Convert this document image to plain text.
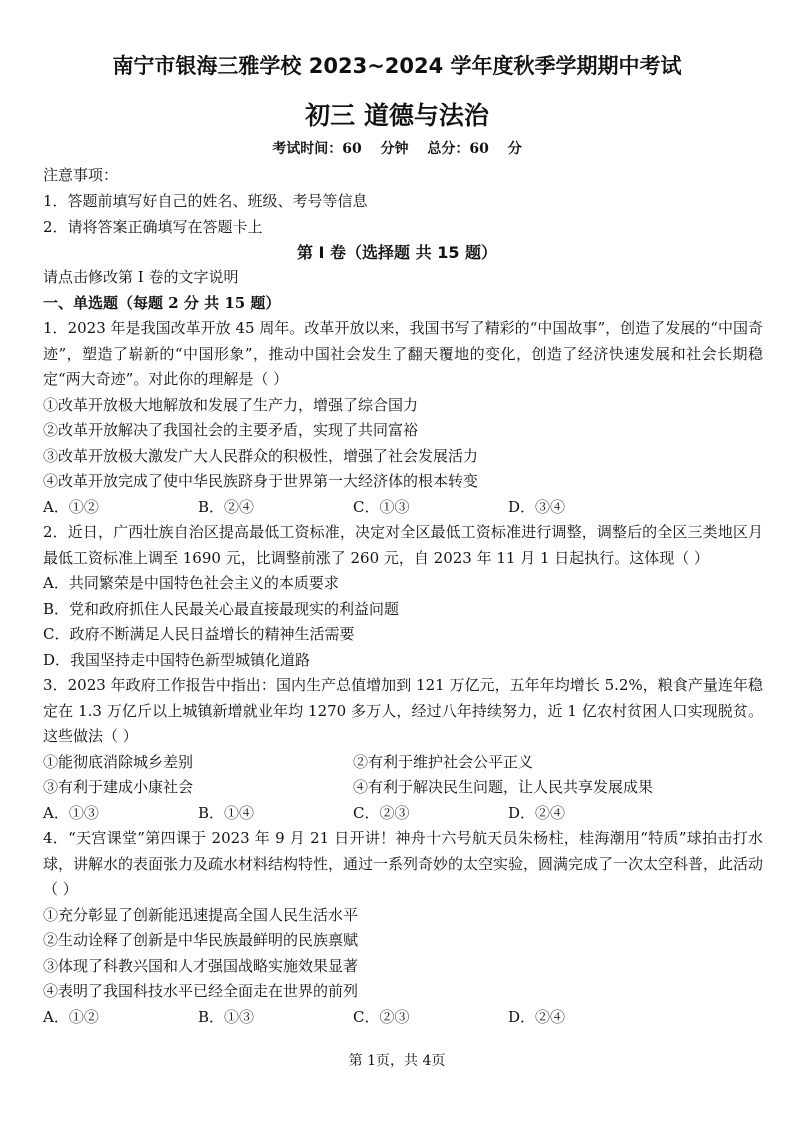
南宁市银海三雅学校 2023~2024 学年度秋季学期期中考试
初三 道德与法治
考试时间：60 分钟 总分：60 分
注意事项：
1．答题前填写好自己的姓名、班级、考号等信息
2．请将答案正确填写在答题卡上
第 I 卷（选择题 共 15 题）
请点击修改第 I 卷的文字说明
一、单选题（每题 2 分 共 15 题）
1．2023 年是我国改革开放 45 周年。改革开放以来，我国书写了精彩的“中国故事”，创造了发展的“中国奇迹”，塑造了崭新的“中国形象”，推动中国社会发生了翻天覆地的变化，创造了经济快速发展和社会长期稳定“两大奇迹”。对此你的理解是（ ）
①改革开放极大地解放和发展了生产力，增强了综合国力
②改革开放解决了我国社会的主要矛盾，实现了共同富裕
③改革开放极大激发广大人民群众的积极性，增强了社会发展活力
④改革开放完成了使中华民族跻身于世界第一大经济体的根本转变
A．①②	B．②④	C．①③	D．③④
2．近日，广西壮族自治区提高最低工资标准，决定对全区最低工资标准进行调整，调整后的全区三类地区月最低工资标准上调至 1690 元，比调整前涨了 260 元，自 2023 年 11 月 1 日起执行。这体现（ ）
A．共同繁荣是中国特色社会主义的本质要求
B．党和政府抓住人民最关心最直接最现实的利益问题
C．政府不断满足人民日益增长的精神生活需要
D．我国坚持走中国特色新型城镇化道路
3．2023 年政府工作报告中指出：国内生产总值增加到 121 万亿元，五年年均增长 5.2%，粮食产量连年稳定在 1.3 万亿斤以上城镇新增就业年均 1270 多万人，经过八年持续努力，近 1 亿农村贫困人口实现脱贫。这些做法（ ）
①能彻底消除城乡差别	②有利于维护社会公平正义
③有利于建成小康社会	④有利于解决民生问题，让人民共享发展成果
A．①③	B．①④	C．②③	D．②④
4．“天宫课堂”第四课于 2023 年 9 月 21 日开讲！神舟十六号航天员朱杨柱，桂海潮用“特质”球拍击打水球，讲解水的表面张力及疏水材料结构特性，通过一系列奇妙的太空实验，圆满完成了一次太空科普，此活动（ ）
①充分彰显了创新能迅速提高全国人民生活水平
②生动诠释了创新是中华民族最鲜明的民族禀赋
③体现了科教兴国和人才强国战略实施效果显著
④表明了我国科技水平已经全面走在世界的前列
A．①②	B．①③	C．②③	D．②④
第 1页，共 4页
